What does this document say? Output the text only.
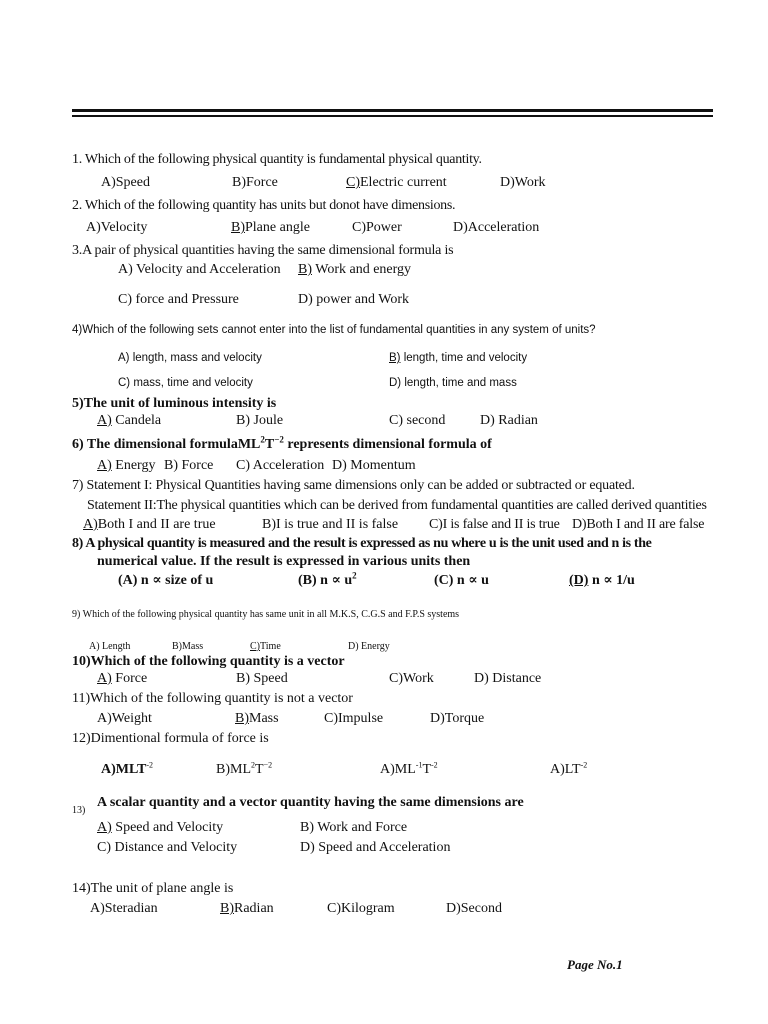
1. Which of the following physical quantity is fundamental physical quantity.
A)Speed	B)Force	C)Electric current	D)Work
2. Which of the following quantity has units but donot have dimensions.
A)Velocity	B)Plane angle	C)Power	D)Acceleration
3.A pair of physical quantities having the same dimensional formula is
A) Velocity and Acceleration B) Work and energy
C) force and Pressure	D) power and Work
4)Which of the following sets cannot enter into the list of fundamental quantities in any system of units?
A) length, mass and velocity	B) length, time and velocity
C) mass, time and velocity	D) length, time and mass
5)The unit of luminous intensity is
A) Candela	B) Joule	C) second D) Radian
6) The dimensional $formulaML^2T^{-2}$ represents dimensional formula of
A) Energy B) Force C) Acceleration D) Momentum
7) Statement I: Physical Quantities having same dimensions only can be added or subtracted or equated.
Statement II:The physical quantities which can be derived from fundamental quantities are called derived quantities
A)Both I and II are true	B)I is true and II is false C)I is false and II is true D)Both I and II are false
8) A physical quantity is measured and the result is expressed as nu where u is the unit used and n is the
numerical value. If the result is expressed in various units then
(A) n ∝ size of u	(B) $n \propto u^2$	(C) n ∝ u	(D) n ∝ 1/u
9) Which of the following physical quantity has same unit in all M.K.S, C.G.S and F.P.S systems
A) Length	B)Mass	C)Time	D) Energy
10)Which of the following quantity is a vector
A) Force	B) Speed	C)Work	D) Distance
11)Which of the following quantity is not a vector
A)Weight	B)Mass	C)Impulse	D)Torque
12)Dimentional formula of force is
$A)MLT^{-2}$	$B)ML^2T^{-2}$	$A)ML^{-1}T^{-2}$	$A)LT^{-2}$
13)
A scalar quantity and a vector quantity having the same dimensions are
A) Speed and Velocity	B) Work and Force
C) Distance and Velocity	D) Speed and Acceleration
14)The unit of plane angle is
A)Steradian	B)Radian	C)Kilogram	D)Second
Page No.1
